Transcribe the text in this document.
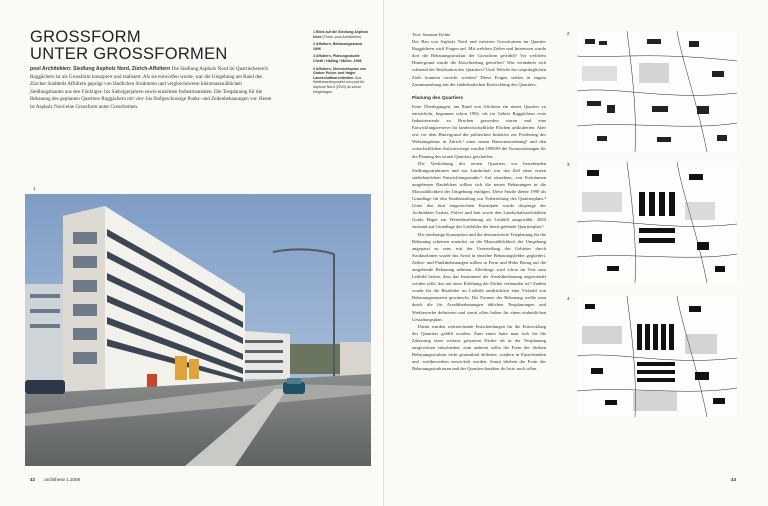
GROSSFORM
UNTER GROSSFORMEN
pool Architekten: Siedlung Aspholz Nord, Zürich-Affoltern Die Siedlung Aspholz Nord im Quartierbereich Ruggächern ist als Grossform konzipiert und realisiert. Als sie entworfen wurde, war die Umgebung am Rand des Zürcher Stadtteils Affoltern geprägt von ländlichen Strukturen und vergleichsweise kleinmassstäblichen Siedlungsbauten aus den Fünfziger- bis Siebzigerjahren sowie einzelnen Industriearealen. Die Testplanung für die Bebauung des geplanten Quartiers Ruggächern mit vier- bis fünfgeschossige Punkt- und Zeilenbebauungen vor. Heute ist Aspholz Nord eine Grossform unter Grossformen.

1 Blick auf die Siedlung Aspholz Nord (Fotos: pool Architekten)

2 Affoltern, Bebauungsstand 1996

3 Affoltern, Planungsstudie Chetti / Halling / Müller, 1998

4 Affoltern, Übersichtsplan von Graber Pulver und Hager Landschaftsarchitekten. Aus Wettbewerbsprojekt von pool für Aspholz Nord (2003) ist schon eingetragen

1
42 archithese 1.2008

Text: Susanne Kohte

Der Bau von Aspholz Nord und weiteren Grossformen im Quartier Ruggächern wirft Fragen auf. Mit welchen Zielen und Interessen wurde dort die Bebauungsstruktur der Grossform gewählt? Vor welchem Hintergrund wurde die Entscheidung getroffen? Was veränderte sich während der Realisation des Quartiers? Und: Welche der ursprünglichen Ziele konnten erreicht werden? Diese Fragen stehen in engem Zusammenhang mit der städtebaulichen Entwicklung des Quartiers.

Planung des Quartiers

Erste Überlegungen, am Rand von Affoltern ein neues Quartier zu entwickeln, begannen schon 1992, als im Gebiet Ruggächern erste Industrieareale zu Brachen geworden waren und eine Entwicklungsreserve für landwirtschaftliche Flächen artikulierten. Aber erst vor dem Hintergrund der politischen Initiative zur Förderung des Wohnungsbaus in Zürich,¹ einer neuen Bauzonenordnung² und den wirtschaftlichen Aufwärtswege wurden 1998/99 die Voraussetzungen für die Planung des neuen Quartiers geschaffen.

Die Verdichtung des neuen Quartiers vor bestehenden Siedlungsstrukturen und zur Landschaft war das Ziel einer ersten städtebaulichen Entwicklungsstudie.³ Auf einzelnen, von Freiräumen umgebenen Baufeldern sollten sich die neuen Bebauungen in die Massstäblichkeit der Umgebung einfügen. Diese Studie diente 1999 als Grundlage für den Studienauftrag zur Vorbereitung des Quartierplans.⁴ Unter den fünf eingereichten Konzepten wurde dasjenige der Architekten Graber, Pulver und bait sowie den Landschaftsarchitekten Guido Hager zur Weiterbearbeitung als Leitbild ausgewählt. 2003 entstand auf Grundlage des Leitbildes der heute geltende Quartierplan.⁵

Die eindeutige Konzeption und die demonstrierte Testplanung für die Bebauung scheinen zunächst an die Massstäblichkeit der Umgebung angepasst zu sein; mit der Unterteilung des Gebietes durch Strukturlinien wurde das Areal in einzelne Bebauungsfelder gegliedert. Zeilen- und Punktbebauungen sollten in Form und Höhe Bezug auf die umgebende Bebauung nehmen. Allerdings wird schon im Text zum Leitbild betont, dass das Instrument der Arealüberbauung angewendet werden solle, das mit einer Erhöhung der Dichte verbunden ist.⁶ Zudem wurde für die Baufelder im Leitbild ausdrücklich eine Vielzahl von Bebauungsmustern gewünscht. Die Formen der Bebauung wollte man durch die für Arealüberbauungen üblichen Testplanungen und Wettbewerbe definieren und somit offen halten für einen einheitlichen Gestaltungsplan.

Damit wurden weitreichende Entscheidungen für die Entwicklung des Quartiers gefällt worden. Zum einen hatte man sich für die Zulassung einer weitaus grösseren Dichte als in der Testplanung ausgewiesen entschieden; zum anderen sollte die Form der dichten Bebauungsstruktur nicht gesamthaft definiert, sondern in Einzelstudien und -wettbewerben entwickelt werden. Somit blieben die Form der Bebauungsstrukturen und der Quartiercharakter de facto noch offen.

2
3
4
43
